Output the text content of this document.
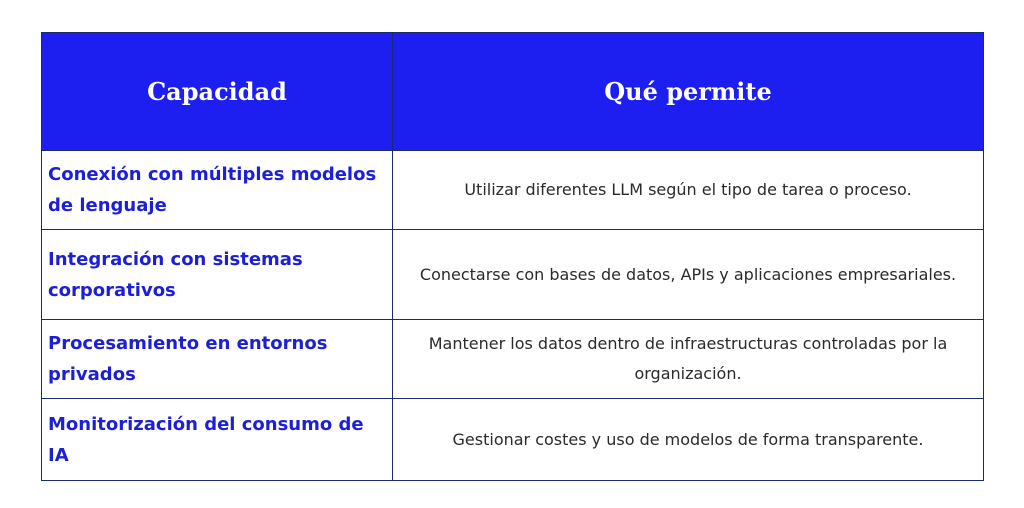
Capacidad	Qué permite
Conexión con múltiples modelos de lenguaje	Utilizar diferentes LLM según el tipo de tarea o proceso.
Integración con sistemas corporativos	Conectarse con bases de datos, APIs y aplicaciones empresariales.
Procesamiento en entornos privados	Mantener los datos dentro de infraestructuras controladas por la organización.
Monitorización del consumo de IA	Gestionar costes y uso de modelos de forma transparente.
